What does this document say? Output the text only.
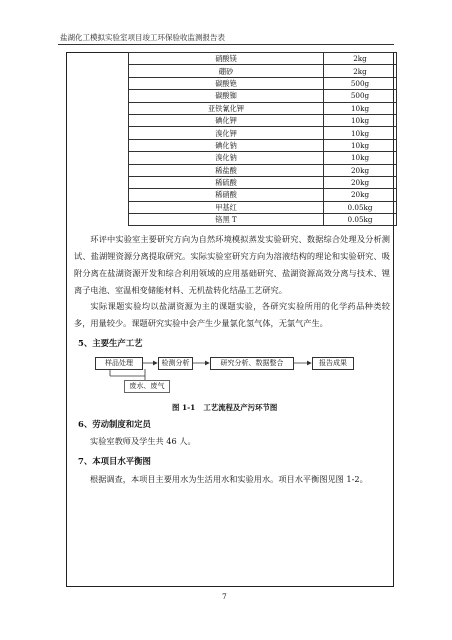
盐湖化工模拟实验室项目竣工环保验收监测报告表
硝酸镁	2kg
硼砂	2kg
碳酸铯	500g
碳酸铷	500g
亚铁氰化钾	10kg
碘化钾	10kg
溴化钾	10kg
碘化钠	10kg
溴化钠	10kg
稀盐酸	20kg
稀硫酸	20kg
稀硝酸	20kg
甲基红	0.05kg
铬黑 T	0.05kg

环评中实验室主要研究方向为自然环境模拟蒸发实验研究、数据综合处理及分析测试、盐湖锂资源分离提取研究。实际实验室研究方向为溶液结构的理论和实验研究、吸附分离在盐湖资源开发和综合利用领域的应用基础研究、盐湖资源高效分离与技术、锂离子电池、室温相变储能材料、无机盐转化结晶工艺研究。

实际课题实验均以盐湖资源为主的课题实验，各研究实验所用的化学药品种类较多，用量较少。课题研究实验中会产生少量氯化氢气体，无氯气产生。

5、主要生产工艺
样品处理	检测分析	研究分析、数据整合	报告成果
废水、废气
图 1-1 工艺流程及产污环节图
6、劳动制度和定员
实验室教师及学生共 46 人。
7、本项目水平衡图
根据调查，本项目主要用水为生活用水和实验用水。项目水平衡图见图 1-2。
7
